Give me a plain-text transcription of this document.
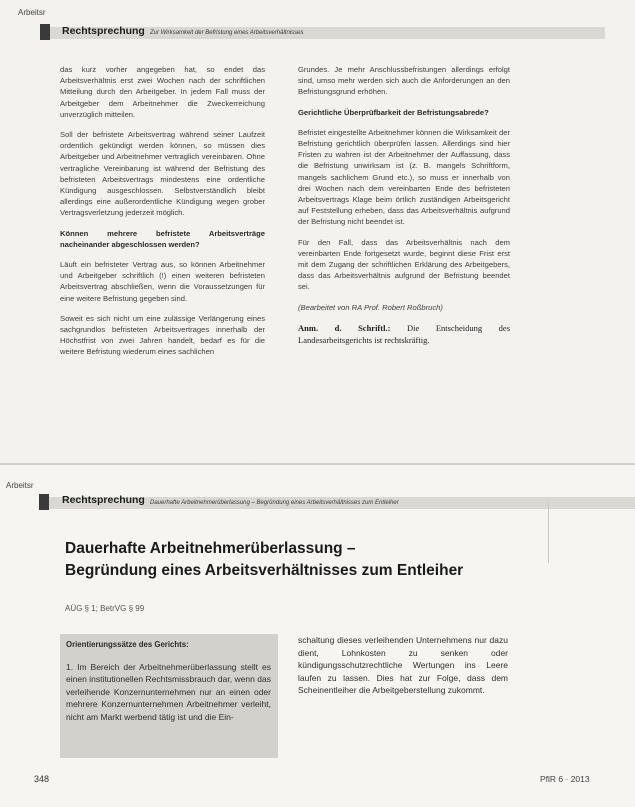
Arbeitsr
Rechtsprechung Zur Wirksamkeit der Befristung eines Arbeitsverhältnisses

das kurz vorher angegeben hat, so endet das Arbeitsverhältnis erst zwei Wochen nach der schriftlichen Mitteilung durch den Arbeitgeber. In jedem Fall muss der Arbeitgeber dem Arbeitnehmer die Zweckerreichung unverzüglich mitteilen.

Soll der befristete Arbeitsvertrag während seiner Laufzeit ordentlich gekündigt werden können, so müssen dies Arbeitgeber und Arbeitnehmer vertraglich vereinbaren. Ohne vertragliche Vereinbarung ist während der Befristung des befristeten Arbeitsvertrags mindestens eine ordentliche Kündigung ausgeschlossen. Selbstverständlich bleibt allerdings eine außerordentliche Kündigung wegen grober Vertragsverletzung jederzeit möglich.

Können mehrere befristete Arbeitsverträge nacheinander abgeschlossen werden?

Läuft ein befristeter Vertrag aus, so können Arbeitnehmer und Arbeitgeber schriftlich (!) einen weiteren befristeten Arbeitsvertrag abschließen, wenn die Voraussetzungen für eine weitere Befristung gegeben sind.

Soweit es sich nicht um eine zulässige Verlängerung eines sachgrundlos befristeten Arbeitsvertrages innerhalb der Höchstfrist von zwei Jahren handelt, bedarf es für die weitere Befristung wiederum eines sachlichen

Grundes. Je mehr Anschlussbefristungen allerdings erfolgt sind, umso mehr werden sich auch die Anforderungen an den Befristungsgrund erhöhen.

Gerichtliche Überprüfbarkeit der Befristungsabrede?

Befristet eingestellte Arbeitnehmer können die Wirksamkeit der Befristung gerichtlich überprüfen lassen. Allerdings sind hier Fristen zu wahren ist der Arbeitnehmer der Auffassung, dass die Befristung unwirksam ist (z. B. mangels Schriftform, mangels sachlichem Grund etc.), so muss er innerhalb von drei Wochen nach dem vereinbarten Ende des befristeten Arbeitsvertrags Klage beim örtlich zuständigen Arbeitsgericht auf Feststellung erheben, dass das Arbeitsverhältnis aufgrund der Befristung nicht beendet ist.

Für den Fall, dass das Arbeitsverhältnis nach dem vereinbarten Ende fortgesetzt wurde, beginnt diese Frist erst mit dem Zugang der schriftlichen Erklärung des Arbeitgebers, dass das Arbeitsverhältnis aufgrund der Befristung beendet sei.

(Bearbeitet von RA Prof. Robert Roßbruch)

Anm. d. Schriftl.: Die Entscheidung des Landesarbeitsgerichts ist rechtskräftig.

Arbeitsr
Rechtsprechung Dauerhafte Arbeitnehmerüberlassung – Begründung eines Arbeitsverhältnisses zum Entleiher
Dauerhafte Arbeitnehmerüberlassung –
Begründung eines Arbeitsverhältnisses zum Entleiher
AÜG § 1; BetrVG § 99

Orientierungssätze des Gerichts:

1. Im Bereich der Arbeitnehmerüberlassung stellt es einen institutionellen Rechtsmissbrauch dar, wenn das verleihende Konzernunternehmen nur an einen oder mehrere Konzernunternehmen Arbeitnehmer verleiht, nicht am Markt werbend tätig ist und die Ein-

schaltung dieses verleihenden Unternehmens nur dazu dient, Lohnkosten zu senken oder kündigungsschutzrechtliche Wertungen ins Leere laufen zu lassen. Dies hat zur Folge, dass dem Scheinentleiher die Arbeitgeberstellung zukommt.

348	PflR 6 · 2013
